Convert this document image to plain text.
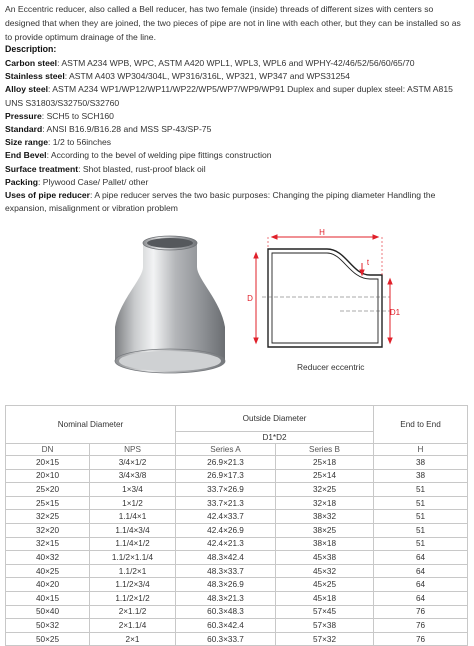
An Eccentric reducer, also called a Bell reducer, has two female (inside) threads of different sizes with centers so designed that when they are joined, the two pieces of pipe are not in line with each other, but they can be installed so as to provide optimum drainage of the line.

Description:
Carbon steel: ASTM A234 WPB, WPC, ASTM A420 WPL1, WPL3, WPL6 and WPHY-42/46/52/56/60/65/70
Stainless steel: ASTM A403 WP304/304L, WP316/316L, WP321, WP347 and WPS31254
Alloy steel: ASTM A234 WP1/WP12/WP11/WP22/WP5/WP7/WP9/WP91 Duplex and super duplex steel: ASTM A815 UNS S31803/S32750/S32760
Pressure: SCH5 to SCH160
Standard: ANSI B16.9/B16.28 and MSS SP-43/SP-75
Size range: 1/2 to 56inches
End Bevel: According to the bevel of welding pipe fittings construction
Surface treatment: Shot blasted, rust-proof black oil
Packing: Plywood Case/ Pallet/ other
Uses of pipe reducer: A pipe reducer serves the two basic purposes: Changing the piping diameter Handling the expansion, misalignment or vibration problem
H
D
D1
t
Reducer eccentric
Nominal Diameter		Outside Diameter		End to End
		D1*D2		
DN	NPS	Series A	Series B	H
20×15	3/4×1/2	26.9×21.3	25×18	38
20×10	3/4×3/8	26.9×17.3	25×14	38
25×20	1×3/4	33.7×26.9	32×25	51
25×15	1×1/2	33.7×21.3	32×18	51
32×25	1.1/4×1	42.4×33.7	38×32	51
32×20	1.1/4×3/4	42.4×26.9	38×25	51
32×15	1.1/4×1/2	42.4×21.3	38×18	51
40×32	1.1/2×1.1/4	48.3×42.4	45×38	64
40×25	1.1/2×1	48.3×33.7	45×32	64
40×20	1.1/2×3/4	48.3×26.9	45×25	64
40×15	1.1/2×1/2	48.3×21.3	45×18	64
50×40	2×1.1/2	60.3×48.3	57×45	76
50×32	2×1.1/4	60.3×42.4	57×38	76
50×25	2×1	60.3×33.7	57×32	76
